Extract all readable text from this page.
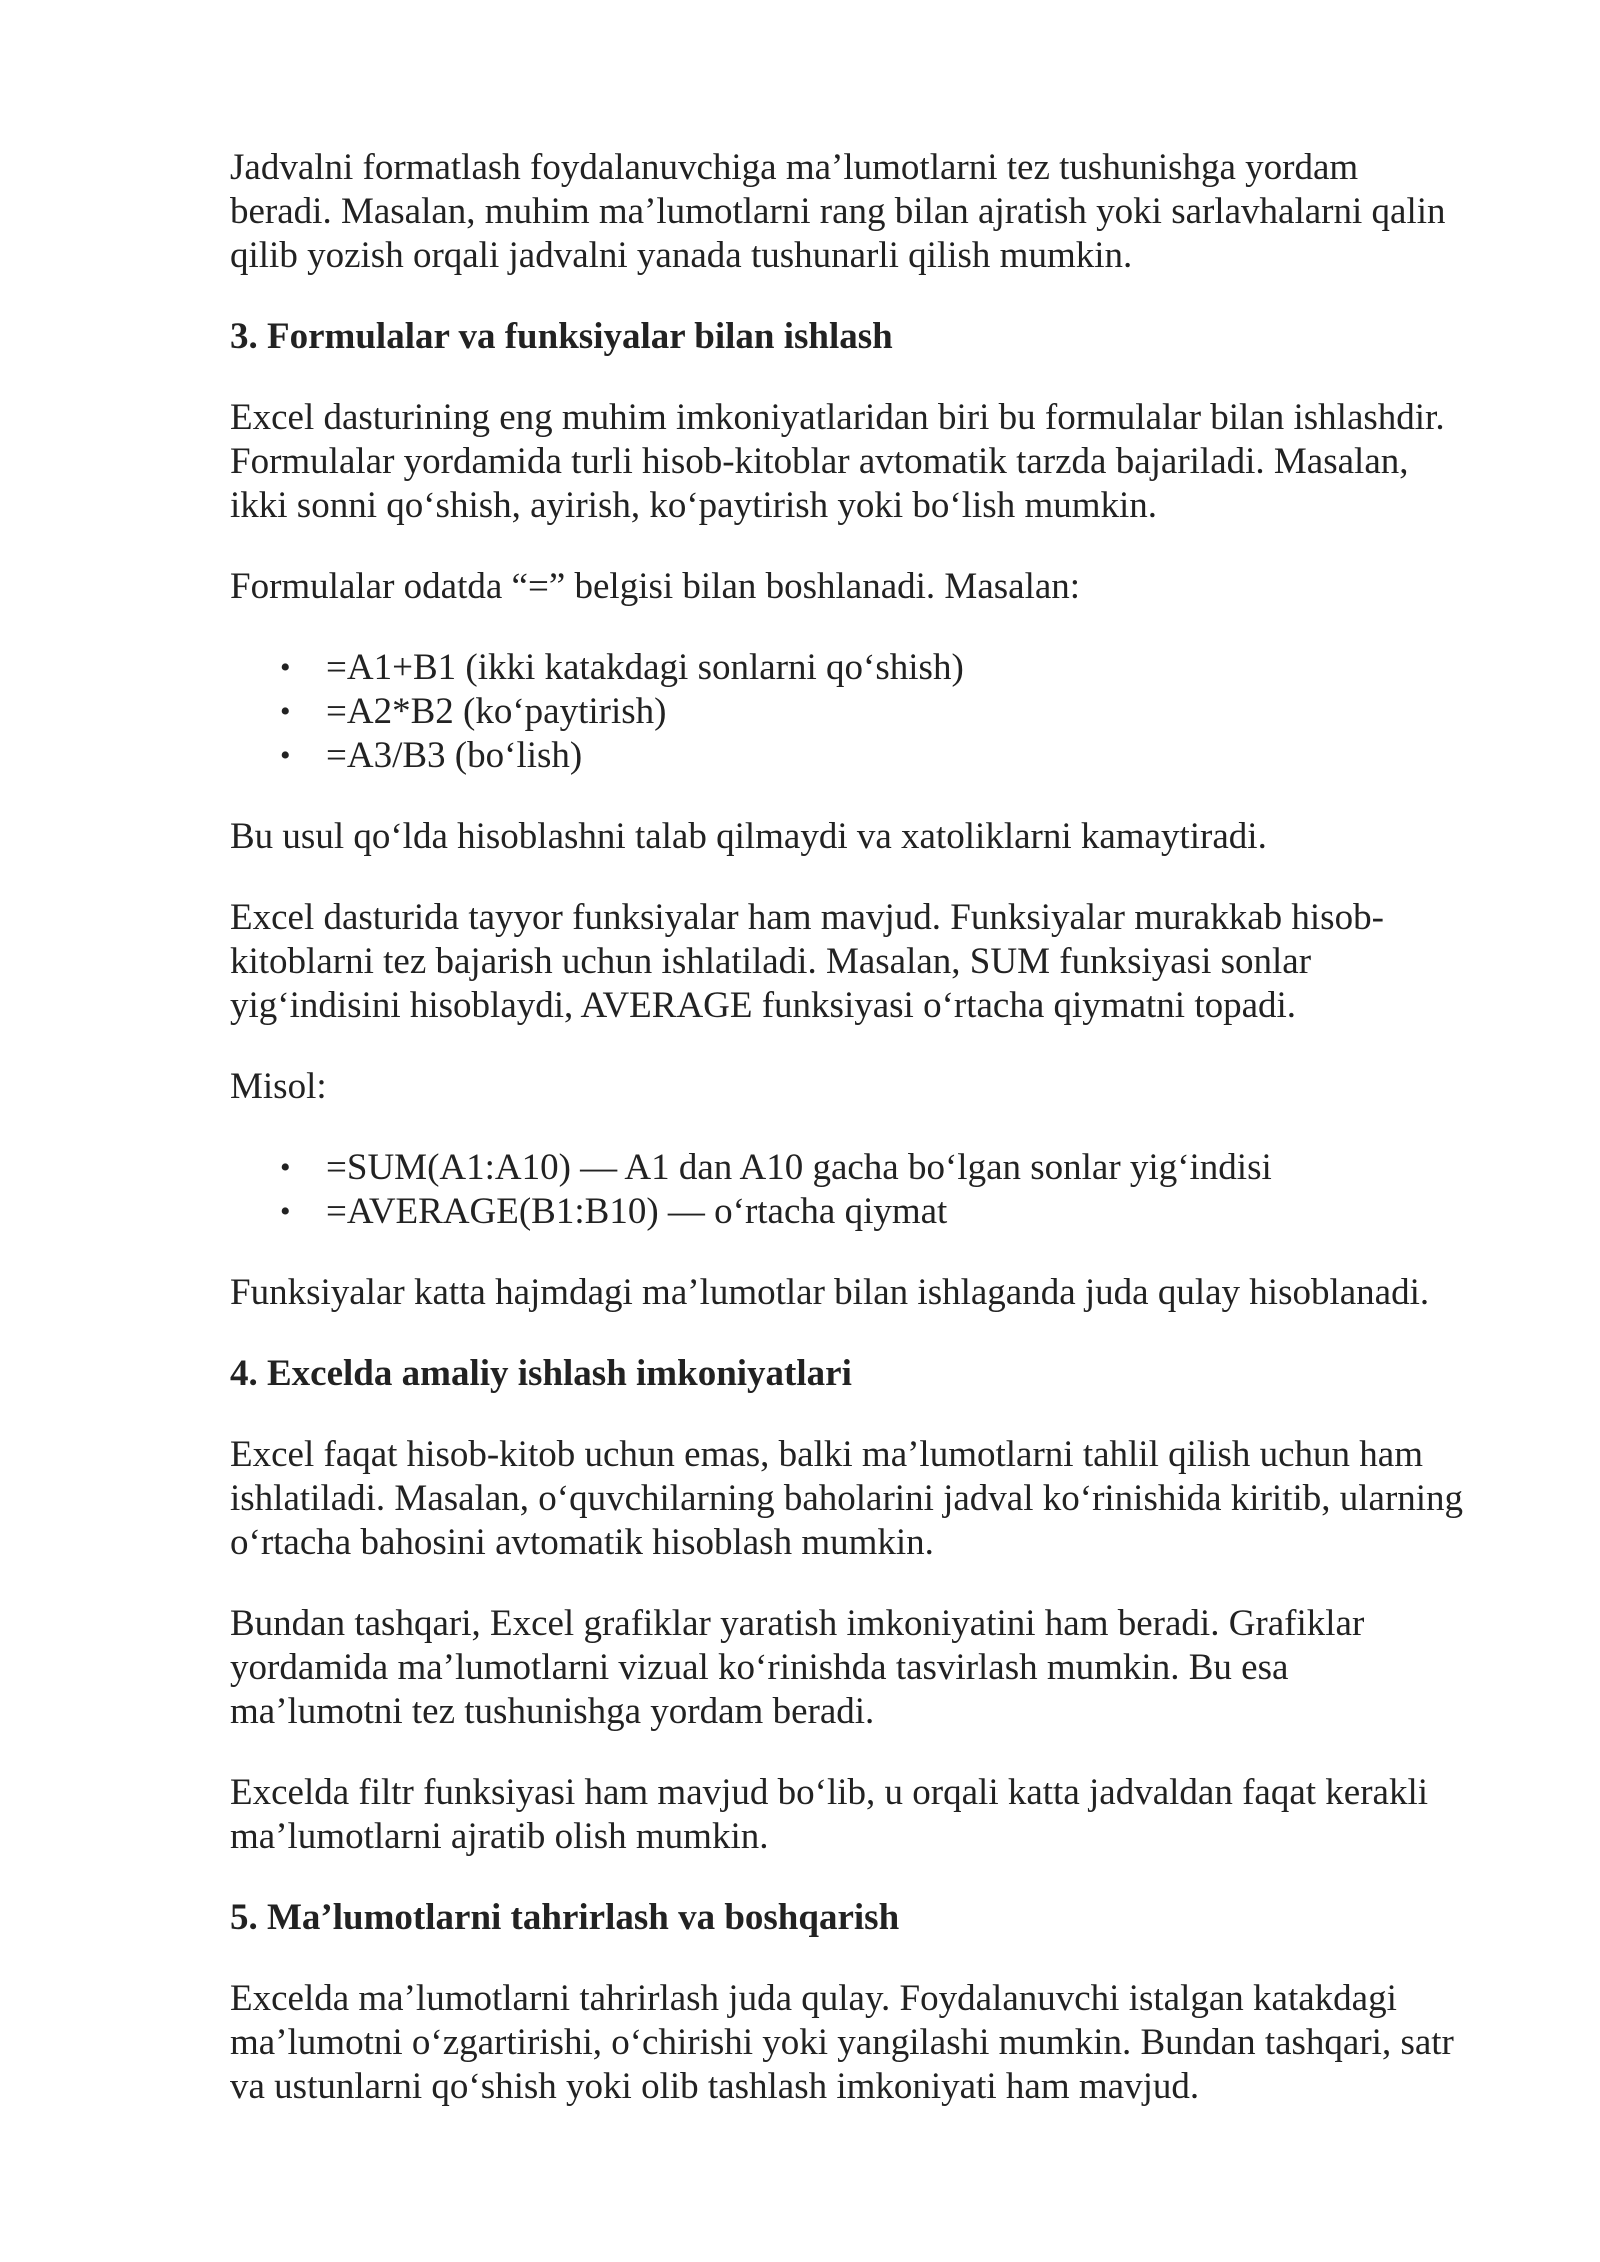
Jadvalni formatlash foydalanuvchiga ma’lumotlarni tez tushunishga yordam
beradi. Masalan, muhim ma’lumotlarni rang bilan ajratish yoki sarlavhalarni qalin
qilib yozish orqali jadvalni yanada tushunarli qilish mumkin.

3. Formulalar va funksiyalar bilan ishlash

Excel dasturining eng muhim imkoniyatlaridan biri bu formulalar bilan ishlashdir.
Formulalar yordamida turli hisob-kitoblar avtomatik tarzda bajariladi. Masalan,
ikki sonni qo‘shish, ayirish, ko‘paytirish yoki bo‘lish mumkin.

Formulalar odatda “=” belgisi bilan boshlanadi. Masalan:

• =A1+B1 (ikki katakdagi sonlarni qo‘shish)
• =A2*B2 (ko‘paytirish)
• =A3/B3 (bo‘lish)

Bu usul qo‘lda hisoblashni talab qilmaydi va xatoliklarni kamaytiradi.

Excel dasturida tayyor funksiyalar ham mavjud. Funksiyalar murakkab hisob-
kitoblarni tez bajarish uchun ishlatiladi. Masalan, SUM funksiyasi sonlar
yig‘indisini hisoblaydi, AVERAGE funksiyasi o‘rtacha qiymatni topadi.

Misol:

• =SUM(A1:A10) — A1 dan A10 gacha bo‘lgan sonlar yig‘indisi
• =AVERAGE(B1:B10) — o‘rtacha qiymat

Funksiyalar katta hajmdagi ma’lumotlar bilan ishlaganda juda qulay hisoblanadi.

4. Excelda amaliy ishlash imkoniyatlari

Excel faqat hisob-kitob uchun emas, balki ma’lumotlarni tahlil qilish uchun ham
ishlatiladi. Masalan, o‘quvchilarning baholarini jadval ko‘rinishida kiritib, ularning
o‘rtacha bahosini avtomatik hisoblash mumkin.

Bundan tashqari, Excel grafiklar yaratish imkoniyatini ham beradi. Grafiklar
yordamida ma’lumotlarni vizual ko‘rinishda tasvirlash mumkin. Bu esa
ma’lumotni tez tushunishga yordam beradi.

Excelda filtr funksiyasi ham mavjud bo‘lib, u orqali katta jadvaldan faqat kerakli
ma’lumotlarni ajratib olish mumkin.

5. Ma’lumotlarni tahrirlash va boshqarish

Excelda ma’lumotlarni tahrirlash juda qulay. Foydalanuvchi istalgan katakdagi
ma’lumotni o‘zgartirishi, o‘chirishi yoki yangilashi mumkin. Bundan tashqari, satr
va ustunlarni qo‘shish yoki olib tashlash imkoniyati ham mavjud.
